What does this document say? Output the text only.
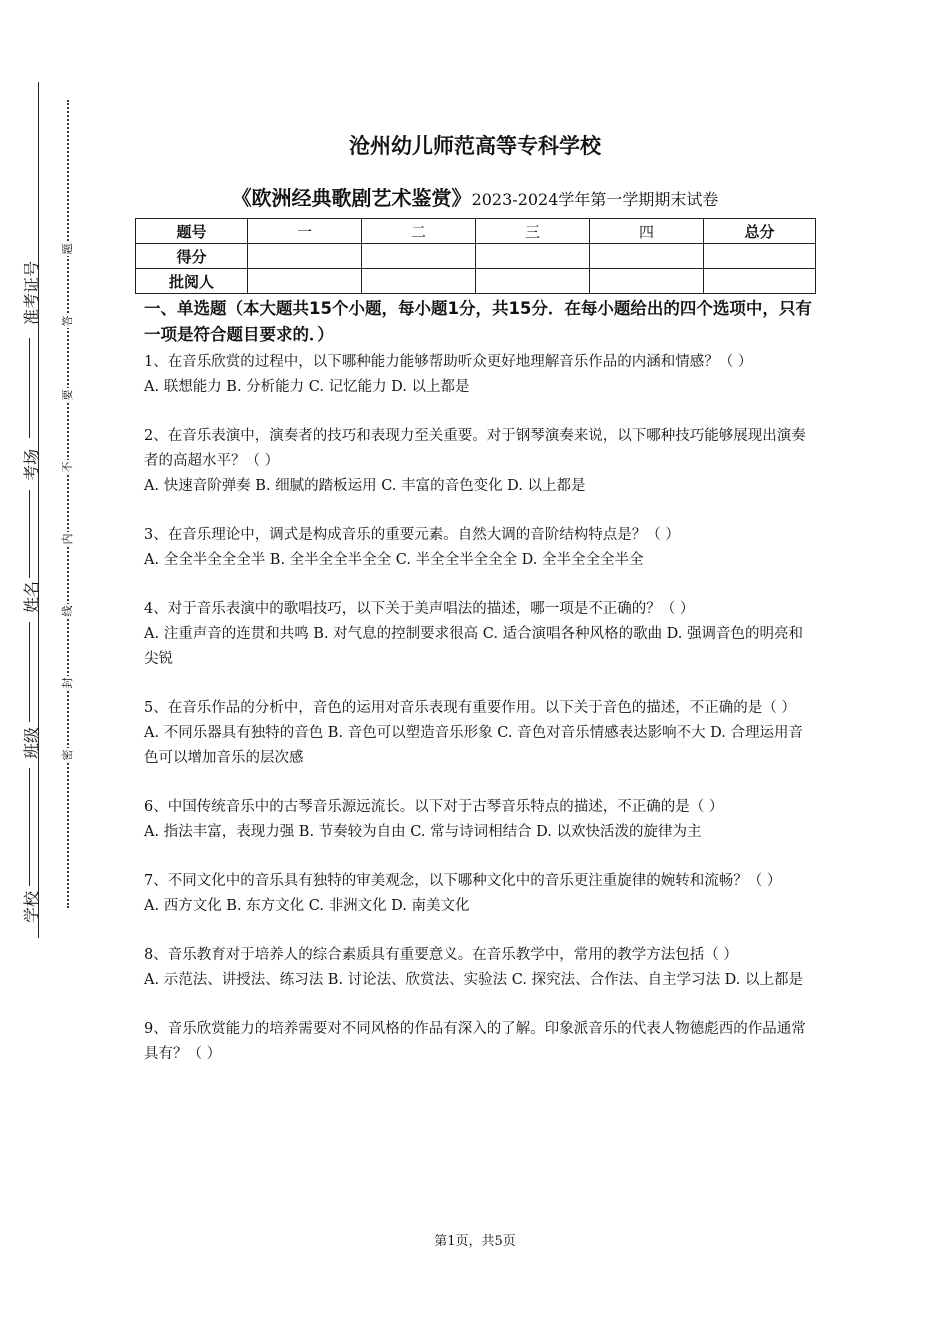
准考证号
考场
姓名
班级
学校
题
答
要
不
内
线
封
密
沧州幼儿师范高等专科学校
《欧洲经典歌剧艺术鉴赏》2023-2024学年第一学期期末试卷
题号	一	二	三	四	总分
得分					
批阅人					
一、单选题（本大题共15个小题，每小题1分，共15分．在每小题给出的四个选项中，只有一项是符合题目要求的．）

1、在音乐欣赏的过程中，以下哪种能力能够帮助听众更好地理解音乐作品的内涵和情感？（ ）

A. 联想能力 B. 分析能力 C. 记忆能力 D. 以上都是

2、在音乐表演中，演奏者的技巧和表现力至关重要。对于钢琴演奏来说，以下哪种技巧能够展现出演奏者的高超水平？（ ）

A. 快速音阶弹奏 B. 细腻的踏板运用 C. 丰富的音色变化 D. 以上都是

3、在音乐理论中，调式是构成音乐的重要元素。自然大调的音阶结构特点是？（ ）

A. 全全半全全全半 B. 全半全全半全全 C. 半全全半全全全 D. 全半全全全半全

4、对于音乐表演中的歌唱技巧，以下关于美声唱法的描述，哪一项是不正确的？（ ）

A. 注重声音的连贯和共鸣 B. 对气息的控制要求很高 C. 适合演唱各种风格的歌曲 D. 强调音色的明亮和尖锐

5、在音乐作品的分析中，音色的运用对音乐表现有重要作用。以下关于音色的描述，不正确的是（ ）

A. 不同乐器具有独特的音色 B. 音色可以塑造音乐形象 C. 音色对音乐情感表达影响不大 D. 合理运用音色可以增加音乐的层次感

6、中国传统音乐中的古琴音乐源远流长。以下对于古琴音乐特点的描述，不正确的是（ ）

A. 指法丰富，表现力强 B. 节奏较为自由 C. 常与诗词相结合 D. 以欢快活泼的旋律为主

7、不同文化中的音乐具有独特的审美观念，以下哪种文化中的音乐更注重旋律的婉转和流畅？（ ）

A. 西方文化 B. 东方文化 C. 非洲文化 D. 南美文化

8、音乐教育对于培养人的综合素质具有重要意义。在音乐教学中，常用的教学方法包括（ ）

A. 示范法、讲授法、练习法 B. 讨论法、欣赏法、实验法 C. 探究法、合作法、自主学习法 D. 以上都是

9、音乐欣赏能力的培养需要对不同风格的作品有深入的了解。印象派音乐的代表人物德彪西的作品通常具有？（ ）

第1页，共5页
